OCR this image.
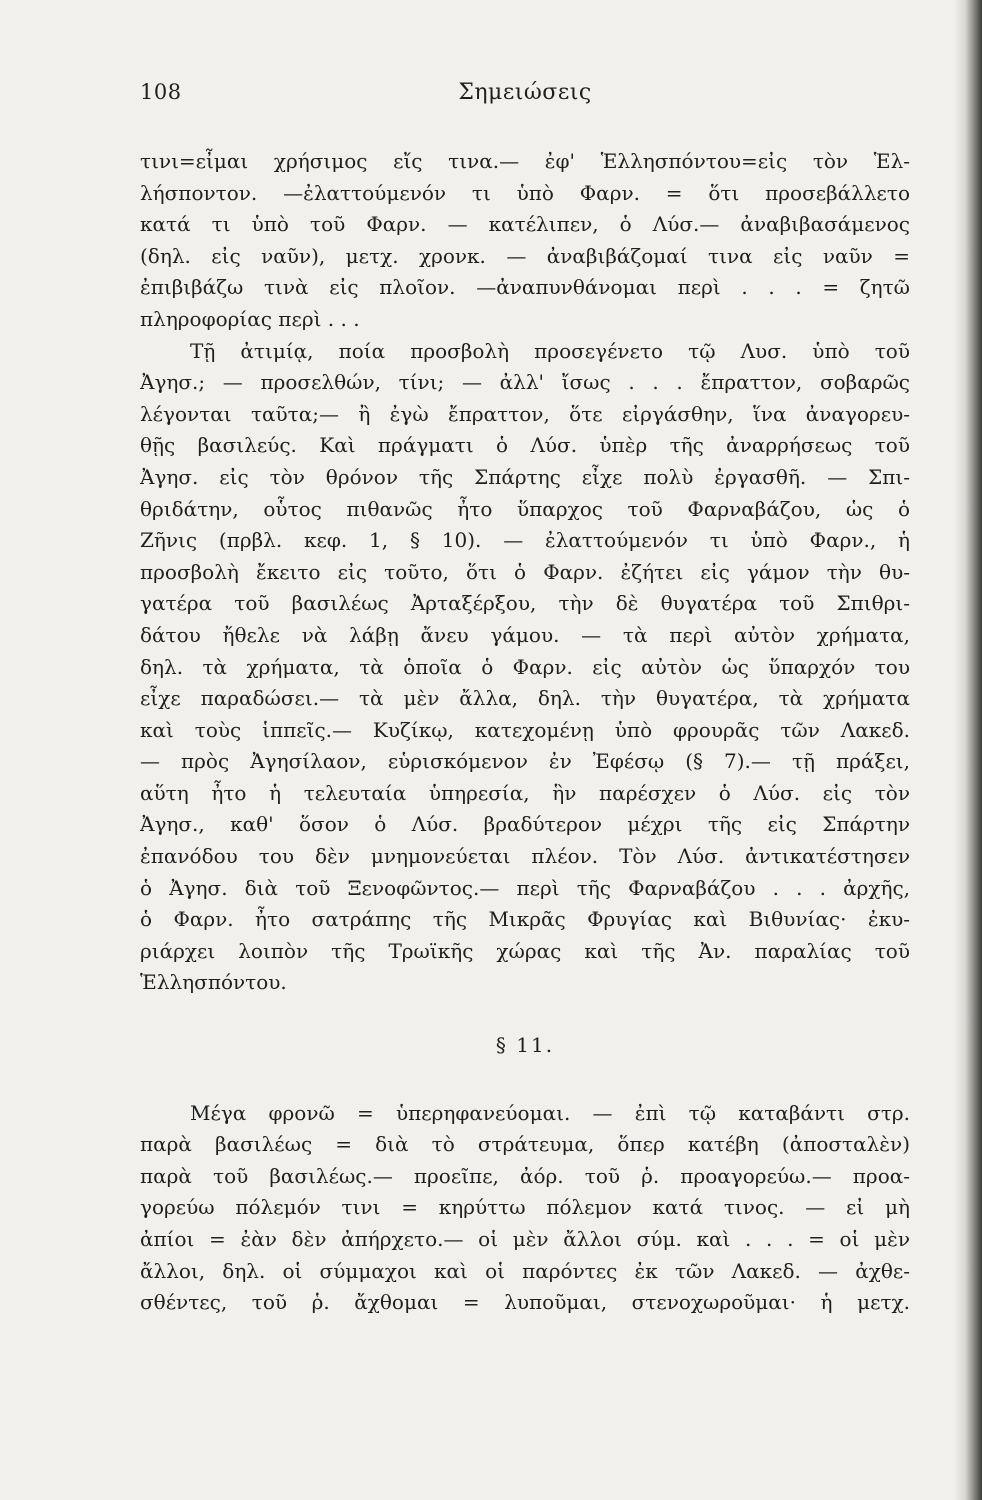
108	Σημειώσεις
τινι=εἶμαι χρήσιμος εἴς τινα.— ἐφ' Ἑλλησπόντου=εἰς τὸν Ἑλ-
λήσποντον. —ἐλαττούμενόν τι ὑπὸ Φαρν. = ὅτι προσεβάλλετο
κατά τι ὑπὸ τοῦ Φαρν. — κατέλιπεν, ὁ Λύσ.— ἀναβιβασάμενος
(δηλ. εἰς ναῦν), μετχ. χρονκ. — ἀναβιβάζομαί τινα εἰς ναῦν =
ἐπιβιβάζω τινὰ εἰς πλοῖον. —ἀναπυνθάνομαι περὶ . . . = ζητῶ
πληροφορίας περὶ . . .
Τῇ ἀτιμίᾳ, ποία προσβολὴ προσεγένετο τῷ Λυσ. ὑπὸ τοῦ
Ἀγησ.; — προσελθών, τίνι; — ἀλλ' ἴσως . . . ἔπραττον, σοβαρῶς
λέγονται ταῦτα;— ἢ ἐγὼ ἔπραττον, ὅτε εἰργάσθην, ἵνα ἀναγορευ-
θῇς βασιλεύς. Καὶ πράγματι ὁ Λύσ. ὑπὲρ τῆς ἀναρρήσεως τοῦ
Ἀγησ. εἰς τὸν θρόνον τῆς Σπάρτης εἶχε πολὺ ἐργασθῆ. — Σπι-
θριδάτην, οὗτος πιθανῶς ἦτο ὕπαρχος τοῦ Φαρναβάζου, ὡς ὁ
Ζῆνις (πρβλ. κεφ. 1, § 10). — ἐλαττούμενόν τι ὑπὸ Φαρν., ἡ
προσβολὴ ἔκειτο εἰς τοῦτο, ὅτι ὁ Φαρν. ἐζήτει εἰς γάμον τὴν θυ-
γατέρα τοῦ βασιλέως Ἀρταξέρξου, τὴν δὲ θυγατέρα τοῦ Σπιθρι-
δάτου ἤθελε νὰ λάβῃ ἄνευ γάμου. — τὰ περὶ αὐτὸν χρήματα,
δηλ. τὰ χρήματα, τὰ ὁποῖα ὁ Φαρν. εἰς αὐτὸν ὡς ὕπαρχόν του
εἶχε παραδώσει.— τὰ μὲν ἄλλα, δηλ. τὴν θυγατέρα, τὰ χρήματα
καὶ τοὺς ἱππεῖς.— Κυζίκῳ, κατεχομένῃ ὑπὸ φρουρᾶς τῶν Λακεδ.
— πρὸς Ἀγησίλαον, εὑρισκόμενον ἐν Ἐφέσῳ (§ 7).— τῇ πράξει,
αὕτη ἦτο ἡ τελευταία ὑπηρεσία, ἣν παρέσχεν ὁ Λύσ. εἰς τὸν
Ἀγησ., καθ' ὅσον ὁ Λύσ. βραδύτερον μέχρι τῆς εἰς Σπάρτην
ἐπανόδου του δὲν μνημονεύεται πλέον. Τὸν Λύσ. ἀντικατέστησεν
ὁ Ἀγησ. διὰ τοῦ Ξενοφῶντος.— περὶ τῆς Φαρναβάζου . . . ἀρχῆς,
ὁ Φαρν. ἦτο σατράπης τῆς Μικρᾶς Φρυγίας καὶ Βιθυνίας· ἐκυ-
ριάρχει λοιπὸν τῆς Τρωϊκῆς χώρας καὶ τῆς Ἀν. παραλίας τοῦ
Ἑλλησπόντου.
§ 11.
Μέγα φρονῶ = ὑπερηφανεύομαι. — ἐπὶ τῷ καταβάντι στρ.
παρὰ βασιλέως = διὰ τὸ στράτευμα, ὅπερ κατέβη (ἀποσταλὲν)
παρὰ τοῦ βασιλέως.— προεῖπε, ἀόρ. τοῦ ῥ. προαγορεύω.— προα-
γορεύω πόλεμόν τινι = κηρύττω πόλεμον κατά τινος. — εἰ μὴ
ἀπίοι = ἐὰν δὲν ἀπήρχετο.— οἱ μὲν ἄλλοι σύμ. καὶ . . . = οἱ μὲν
ἄλλοι, δηλ. οἱ σύμμαχοι καὶ οἱ παρόντες ἐκ τῶν Λακεδ. — ἀχθε-
σθέντες, τοῦ ῥ. ἄχθομαι = λυποῦμαι, στενοχωροῦμαι· ἡ μετχ.
